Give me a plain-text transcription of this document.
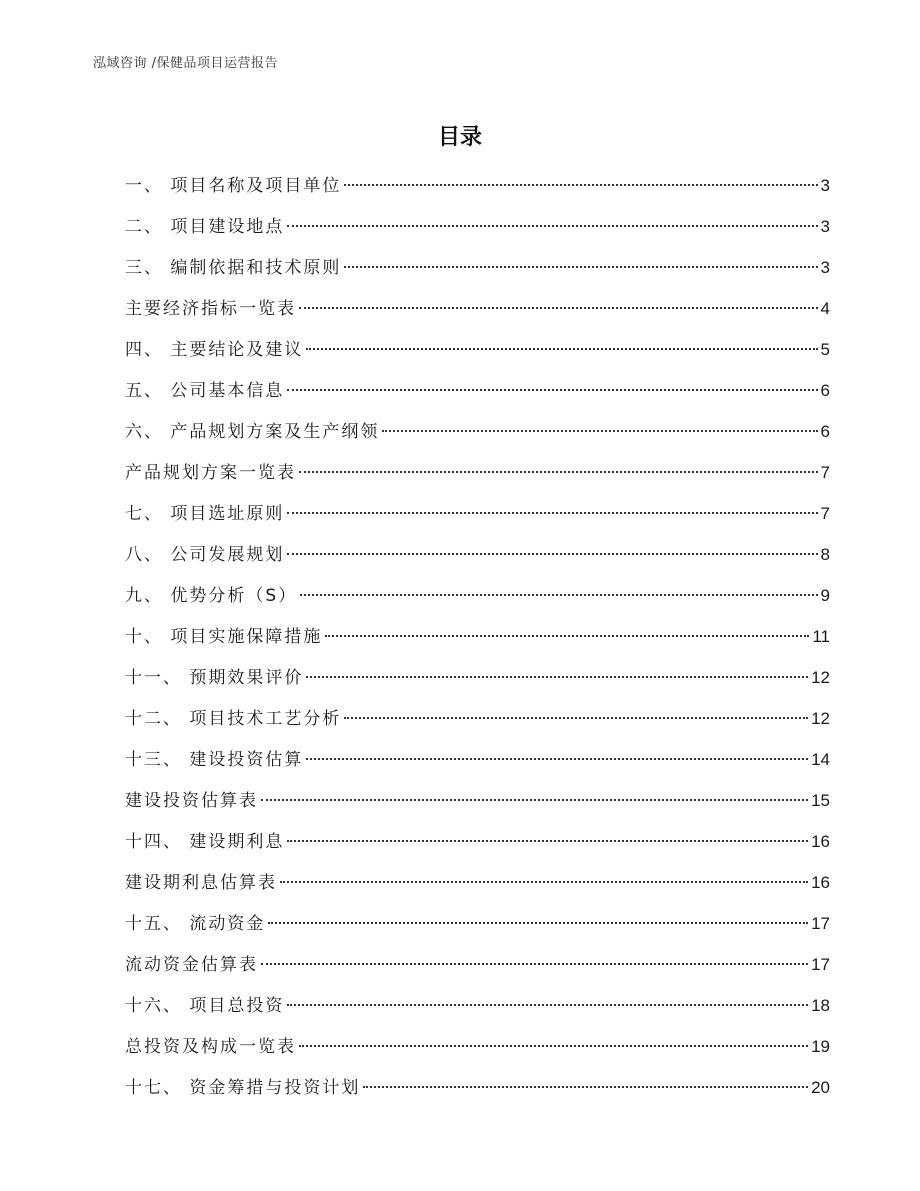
泓域咨询 /保健品项目运营报告
目录
一、 项目名称及项目单位	3
二、 项目建设地点	3
三、 编制依据和技术原则	3
主要经济指标一览表	4
四、 主要结论及建议	5
五、 公司基本信息	6
六、 产品规划方案及生产纲领	6
产品规划方案一览表	7
七、 项目选址原则	7
八、 公司发展规划	8
九、 优势分析（S）	9
十、 项目实施保障措施	11
十一、 预期效果评价	12
十二、 项目技术工艺分析	12
十三、 建设投资估算	14
建设投资估算表	15
十四、 建设期利息	16
建设期利息估算表	16
十五、 流动资金	17
流动资金估算表	17
十六、 项目总投资	18
总投资及构成一览表	19
十七、 资金筹措与投资计划	20
